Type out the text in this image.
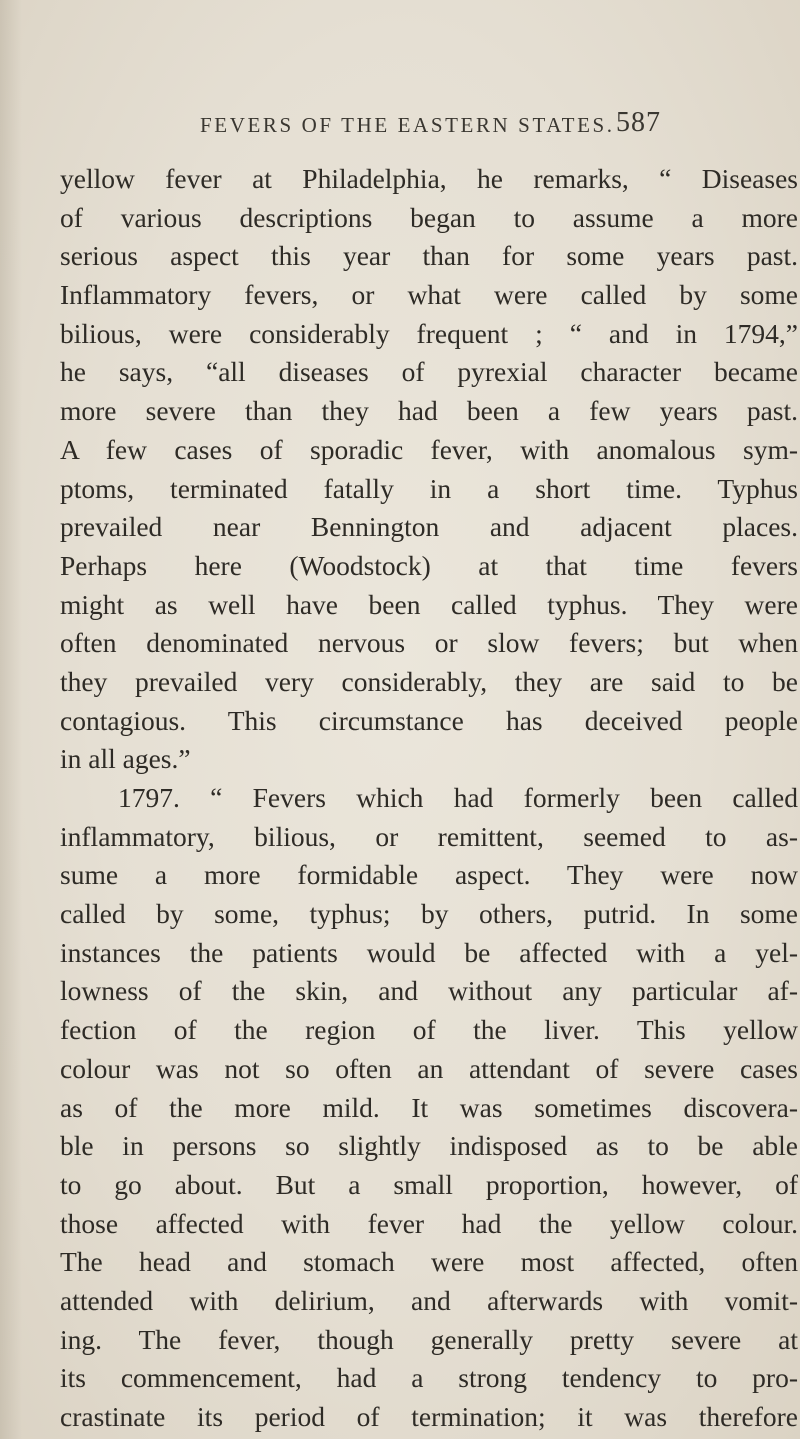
FEVERS OF THE EASTERN STATES. 587
yellow fever at Philadelphia, he remarks, “ Diseases
of various descriptions began to assume a more
serious aspect this year than for some years past.
Inflammatory fevers, or what were called by some
bilious, were considerably frequent ; “ and in 1794,”
he says, “all diseases of pyrexial character became
more severe than they had been a few years past.
A few cases of sporadic fever, with anomalous sym-
ptoms, terminated fatally in a short time. Typhus
prevailed near Bennington and adjacent places.
Perhaps here (Woodstock) at that time fevers
might as well have been called typhus. They were
often denominated nervous or slow fevers; but when
they prevailed very considerably, they are said to be
contagious. This circumstance has deceived people
in all ages.”
1797. “ Fevers which had formerly been called
inflammatory, bilious, or remittent, seemed to as-
sume a more formidable aspect. They were now
called by some, typhus; by others, putrid. In some
instances the patients would be affected with a yel-
lowness of the skin, and without any particular af-
fection of the region of the liver. This yellow
colour was not so often an attendant of severe cases
as of the more mild. It was sometimes discovera-
ble in persons so slightly indisposed as to be able
to go about. But a small proportion, however, of
those affected with fever had the yellow colour.
The head and stomach were most affected, often
attended with delirium, and afterwards with vomit-
ing. The fever, though generally pretty severe at
its commencement, had a strong tendency to pro-
crastinate its period of termination; it was therefore
